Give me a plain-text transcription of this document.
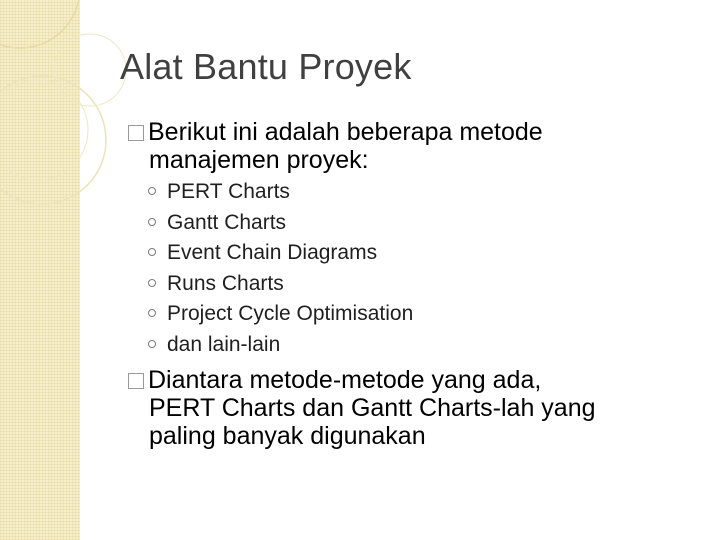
Alat Bantu Proyek
Berikut ini adalah beberapa metode
manajemen proyek:
PERT Charts
Gantt Charts
Event Chain Diagrams
Runs Charts
Project Cycle Optimisation
dan lain-lain
Diantara metode-metode yang ada,
PERT Charts dan Gantt Charts-lah yang
paling banyak digunakan
